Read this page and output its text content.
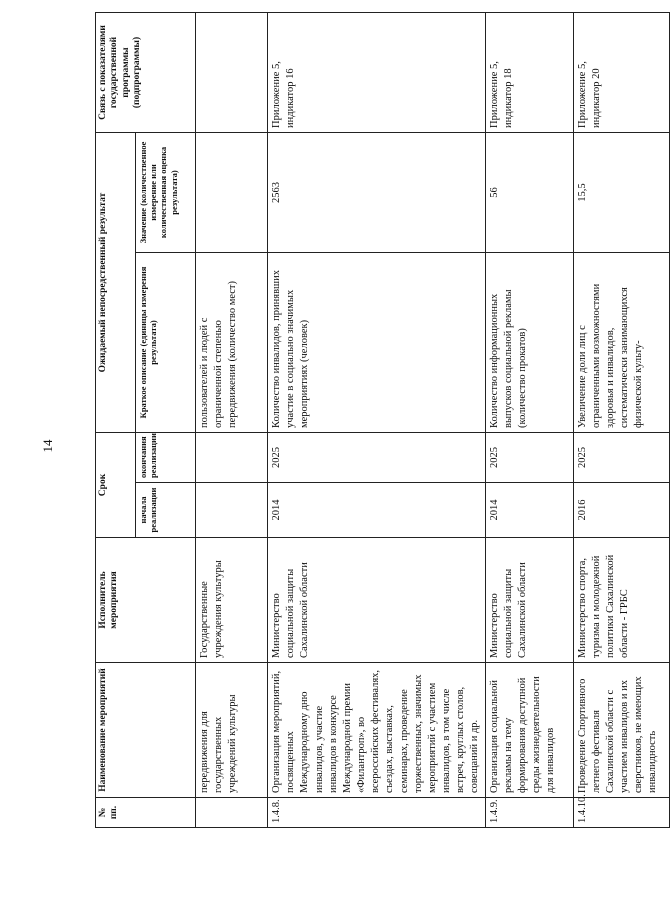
14
№ пп.	Наименование мероприятий	Исполнитель мероприятия	Срок		Ожидаемый непосредственный результат		Связь с показателями государственной программы (подпрограммы)
			начала реализации	окончания реализации	Краткое описание (единицы измерения результата)	Значение (количественное измерение или количественная оценка результата)	
	передвижения для государственных учреждений культуры	Государственные учреждения культуры			пользователей и людей с ограниченной степенью передвижения (количество мест)		
1.4.8.	Организация мероприятий, посвященных Международному дню инвалидов, участие инвалидов в конкурсе Международной премии «Филантроп», во всероссийских фестивалях, съездах, выставках, семинарах, проведение торжественных, значимых мероприятий с участием инвалидов, в том числе встреч, круглых столов, совещаний и др.	Министерство социальной защиты Сахалинской области	2014	2025	Количество инвалидов, принявших участие в социально значимых мероприятиях (человек)	2563	Приложение 5, индикатор 16
1.4.9.	Организация социальной рекламы на тему формирования доступной среды жизнедеятельности для инвалидов	Министерство социальной защиты Сахалинской области	2014	2025	Количество информационных выпусков социальной рекламы (количество прокатов)	56	Приложение 5, индикатор 18
1.4.10.	Проведение Спортивного летнего фестиваля Сахалинской области с участием инвалидов и их сверстников, не имеющих инвалидность	Министерство спорта, туризма и молодежной политики Сахалинской области - ГРБС	2016	2025	Увеличение доли лиц с ограниченными возможностями здоровья и инвалидов, систематически занимающихся физической культу-	15,5	Приложение 5, индикатор 20
